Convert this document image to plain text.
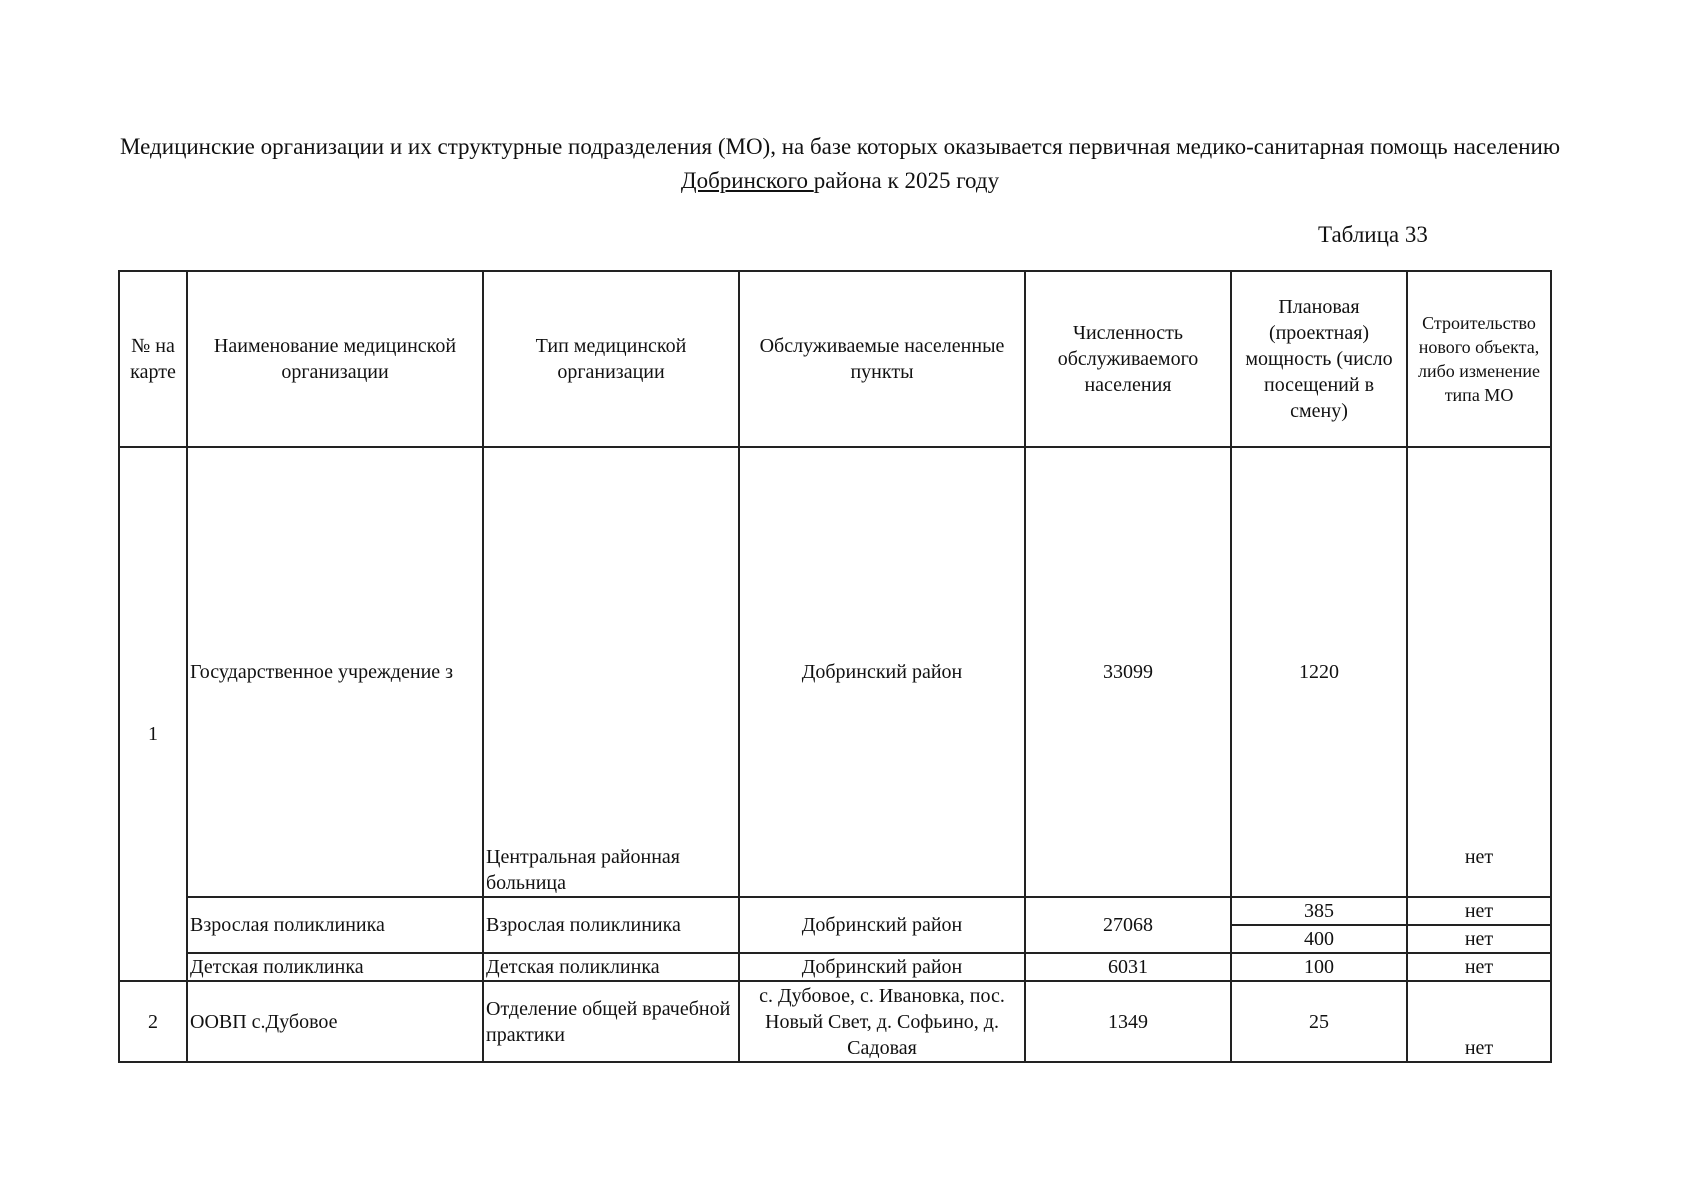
Медицинские организации и их структурные подразделения (МО), на базе которых оказывается первичная медико-санитарная помощь населению Добринского района к 2025 году
Таблица 33
№ на карте	Наименование медицинской организации	Тип медицинской организации	Обслуживаемые населенные пункты	Численность обслуживаемого населения	Плановая (проектная) мощность (число посещений в смену)	Строительство нового объекта, либо изменение типа МО
1	Государственное учреждение з	Центральная районная больница	Добринский район	33099	1220	нет
	Взрослая поликлиника	Взрослая поликлиника	Добринский район	27068	385	нет
					400	нет
	Детская поликлинка	Детская поликлинка	Добринский район	6031	100	нет
2	ООВП с.Дубовое	Отделение общей врачебной практики	с. Дубовое, с. Ивановка, пос. Новый Свет, д. Софьино, д. Садовая	1349	25	нет
